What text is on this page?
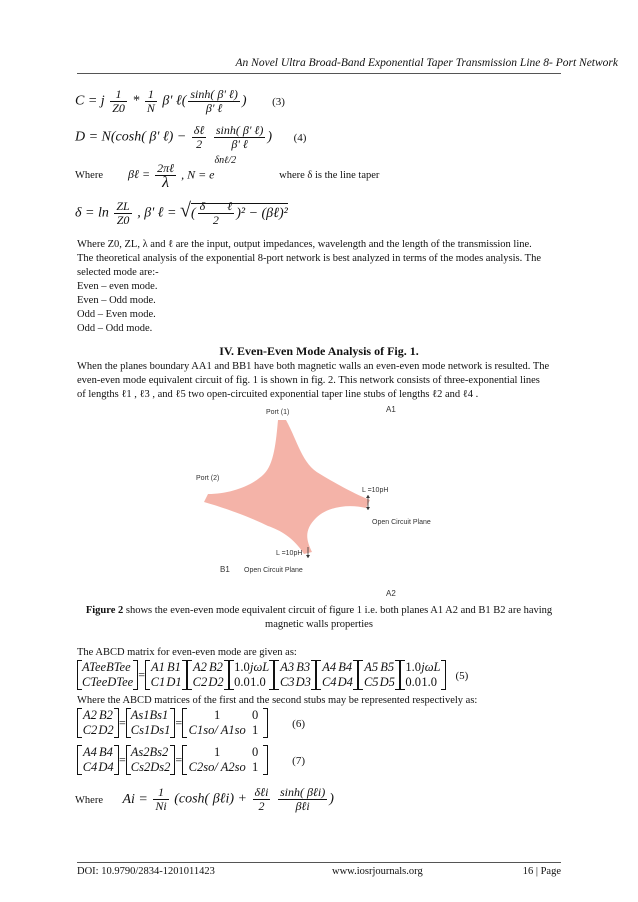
An Novel Ultra Broad-Band Exponential Taper Transmission Line 8- Port Network
C = j $\frac{1}{Z0} * \frac{1}{N} \beta'$ ℓ( $\frac{\text{sinh( β' ℓ)}}{\text{β' ℓ}}$ ) (3)
D = N(cosh( β' ℓ) − $\frac{\text{δℓ}}{2}$
$\frac{\text{sinh( β' ℓ)}}{\text{β' ℓ}}$ ) (4)
Where βℓ = $\frac{\text{2πℓ}}{\lambda}$ , $N = e^{\delta n\ell/2}$ where δ is the line taper
$\delta = \ln \frac{ZL}{Z0}$ , β' ℓ = √( $\frac{\text{δ ℓ}}{2} )^2$ − (βℓ)²
Where Z0, ZL, λ and ℓ are the input, output impedances, wavelength and the length of the transmission line.
The theoretical analysis of the exponential 8-port network is best analyzed in terms of the modes analysis. The
selected mode are:-
Even – even mode.
Even – Odd mode.
Odd – Even mode.
Odd – Odd mode.
IV. Even-Even Mode Analysis of Fig. 1.
When the planes boundary AA1 and BB1 have both magnetic walls an even-even mode network is resulted. The
even-even mode equivalent circuit of fig. 1 is shown in fig. 2. This network consists of three-exponential lines
of lengths ℓ1 , ℓ3 , and ℓ5 two open-circuited exponential taper line stubs of lengths ℓ2 and ℓ4 .
Port (1)
Port (2)
A1
A2
B1
L =10pH
Open Circuit Plane
L =10pH
Open Circuit Plane
Figure 2 shows the even-even mode equivalent circuit of figure 1 i.e. both planes A1 A2 and B1 B2 are having
magnetic walls properties
The ABCD matrix for even-even mode are given as:
ATeeBTee
CTeeDTee
=
A1 B1
C1D1
A2 B2
C2D2
1.0jωL
0.01.0
A3 B3
C3D3
A4 B4
C4D4
A5 B5
C5D5
1.0jωL
0.01.0	(5)
Where the ABCD matrices of the first and the second stubs may be represented respectively as:
A2 B2
C2D2
=
As1Bs1
Cs1Ds1
=
1	0
C1so/ A1so 1	(6)
A4 B4
C4D4
=
As2Bs2
Cs2Ds2
=
1	0
C2so/ A2so 1	(7)
Where $Ai = \frac{1}{Ni} (\cosh$( βℓi) + $\frac{\text{δℓi}}{2}$
$\frac{\text{sinh( βℓi)}}{\text{βℓi}}$ )
DOI: 10.9790/2834-1201011423	www.iosrjournals.org	16 | Page
